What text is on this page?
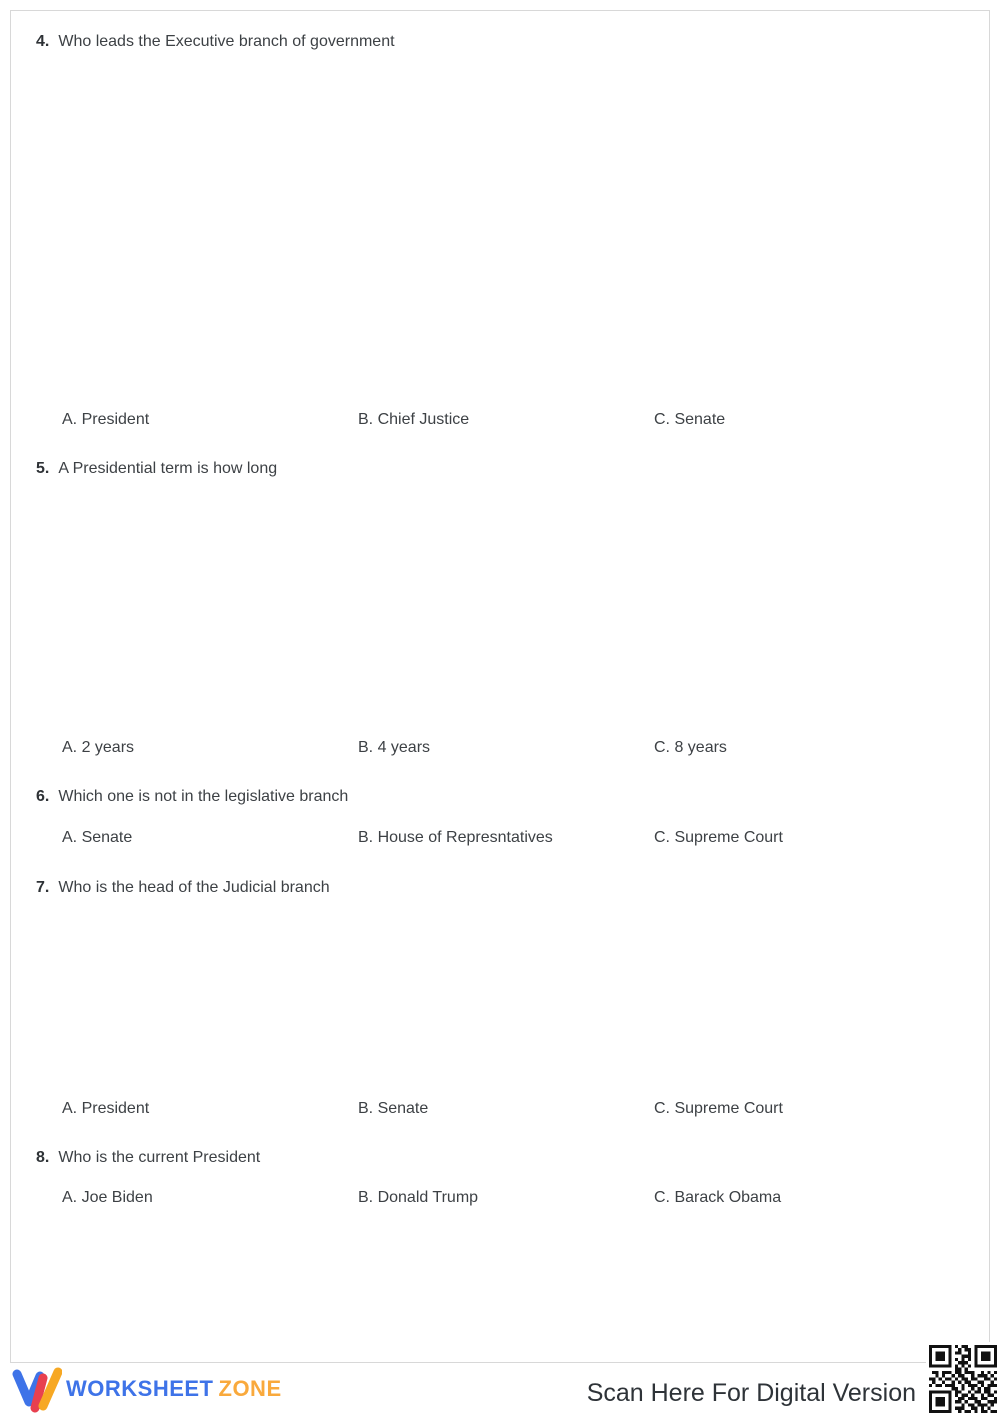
4. Who leads the Executive branch of government
A. President	B. Chief Justice	C. Senate
5. A Presidential term is how long
A. 2 years	B. 4 years	C. 8 years
6. Which one is not in the legislative branch
A. Senate	B. House of Represntatives	C. Supreme Court
7. Who is the head of the Judicial branch
A. President	B. Senate	C. Supreme Court
8. Who is the current President
A. Joe Biden	B. Donald Trump	C. Barack Obama
WORKSHEET ZONE	Scan Here For Digital Version
